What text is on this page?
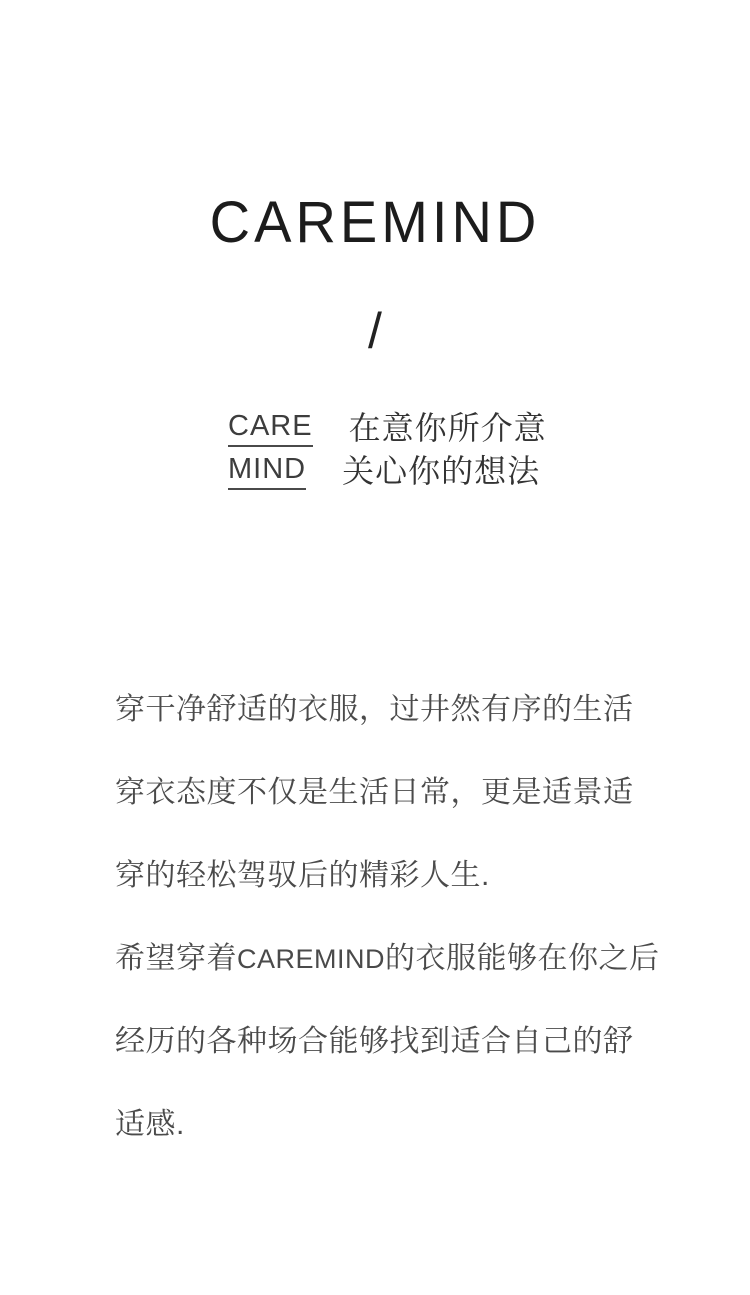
CAREMIND
/
CARE 在意你所介意
MIND 关心你的想法
穿干净舒适的衣服，过井然有序的生活
穿衣态度不仅是生活日常，更是适景适
穿的轻松驾驭后的精彩人生.
希望穿着CAREMIND的衣服能够在你之后
经历的各种场合能够找到适合自己的舒
适感.
